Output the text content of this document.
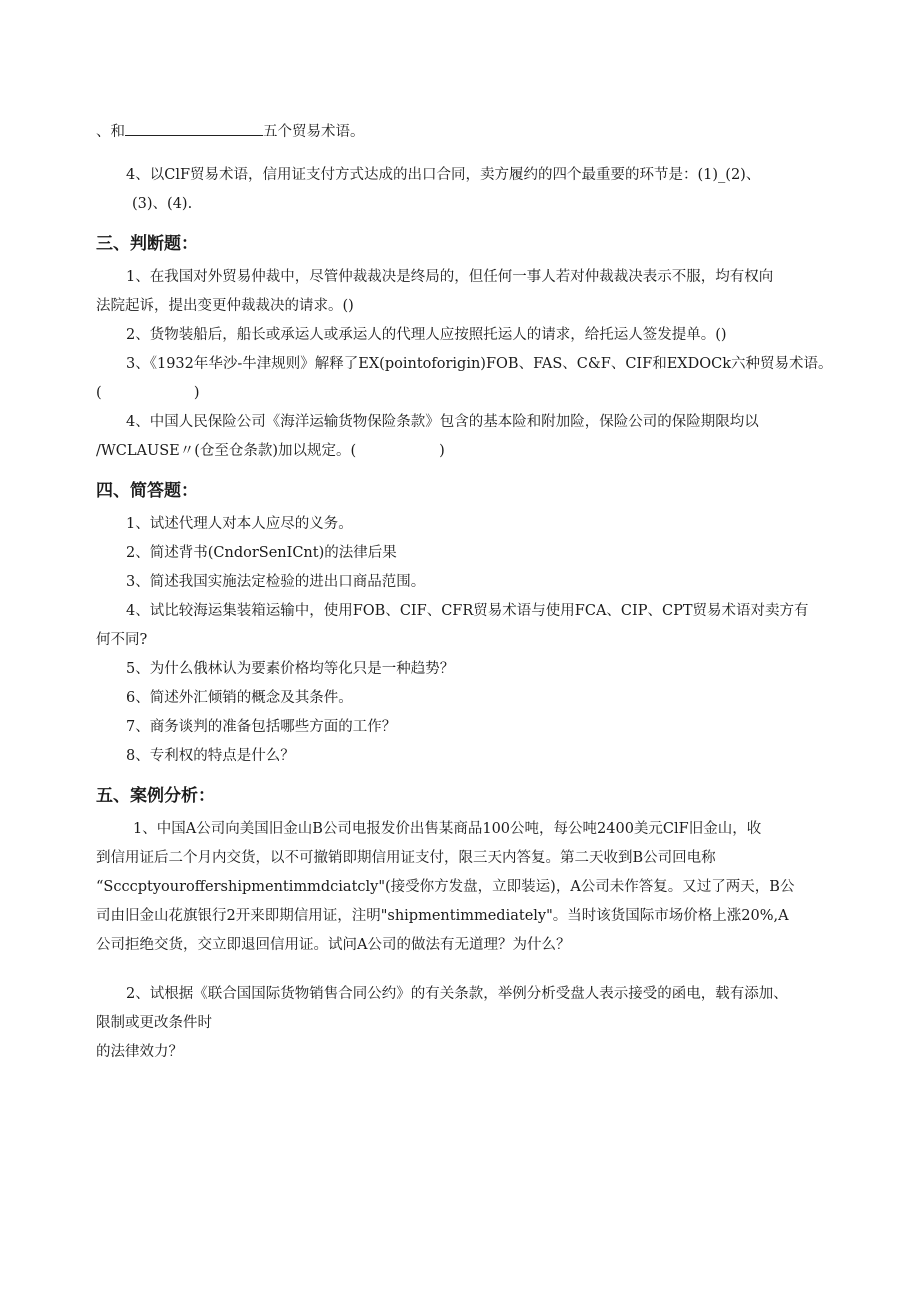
、和	五个贸易术语。
4、以ClF贸易术语，信用证支付方式达成的出口合同，卖方履约的四个最重要的环节是：(1)_(2)、
(3)、(4).
三、判断题：
1、在我国对外贸易仲裁中，尽管仲裁裁决是终局的，但任何一事人若对仲裁裁决表示不服，均有权向
法院起诉，提出变更仲裁裁决的请求。()
2、货物装船后，船长或承运人或承运人的代理人应按照托运人的请求，给托运人签发提单。()
3、《1932年华沙-牛津规则》解释了EX(pointoforigin)FOB、FAS、C&F、CIF和EXDOCk六种贸易术语。
(                    )
4、中国人民保险公司《海洋运输货物保险条款》包含的基本险和附加险，保险公司的保险期限均以
/WCLAUSE〃(仓至仓条款)加以规定。(                  )
四、简答题：
1、试述代理人对本人应尽的义务。
2、简述背书(CndorSenICnt)的法律后果
3、简述我国实施法定检验的进出口商品范围。
4、试比较海运集装箱运输中，使用FOB、CIF、CFR贸易术语与使用FCA、CIP、CPT贸易术语对卖方有
何不同?
5、为什么俄林认为要素价格均等化只是一种趋势？
6、简述外汇倾销的概念及其条件。
7、商务谈判的准备包括哪些方面的工作？
8、专利权的特点是什么？
五、案例分析：
1、中国A公司向美国旧金山B公司电报发价出售某商品100公吨，每公吨2400美元ClF旧金山，收
到信用证后二个月内交货，以不可撤销即期信用证支付，限三天内答复。第二天收到B公司回电称
“Scccptyouroffershipmentimmdciatcly"(接受你方发盘，立即装运)，A公司未作答复。又过了两天，B公
司由旧金山花旗银行2开来即期信用证，注明"shipmentimmediately"。当时该货国际市场价格上涨20%,A
公司拒绝交货，交立即退回信用证。试问A公司的做法有无道理？为什么？
2、试根据《联合国国际货物销售合同公约》的有关条款，举例分析受盘人表示接受的函电，载有添加、
限制或更改条件时
的法律效力？
